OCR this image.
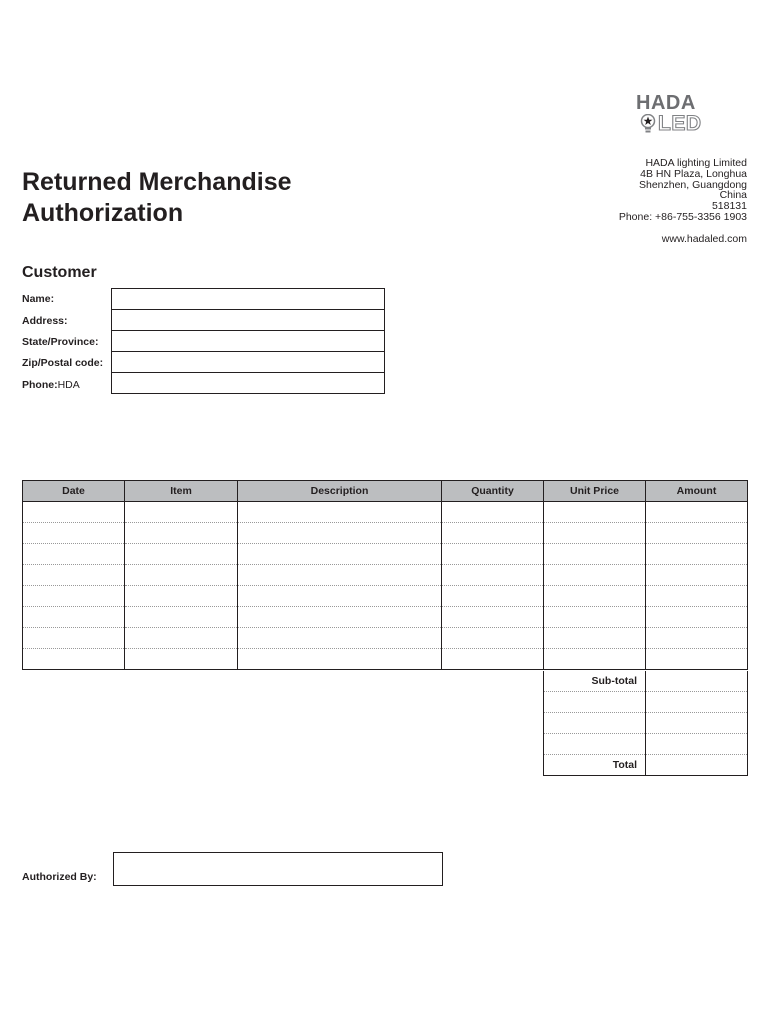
HADA
LED
Returned Merchandise
Authorization
HADA lighting Limited
4B HN Plaza, Longhua
Shenzhen, Guangdong
China
518131
Phone: +86-755-3356 1903
www.hadaled.com
Customer
Name:
Address:
State/Province:
Zip/Postal code:
Phone:HDA
Date	Item	Description	Quantity	Unit Price	Amount

Sub-total	

Total	
Authorized By:
